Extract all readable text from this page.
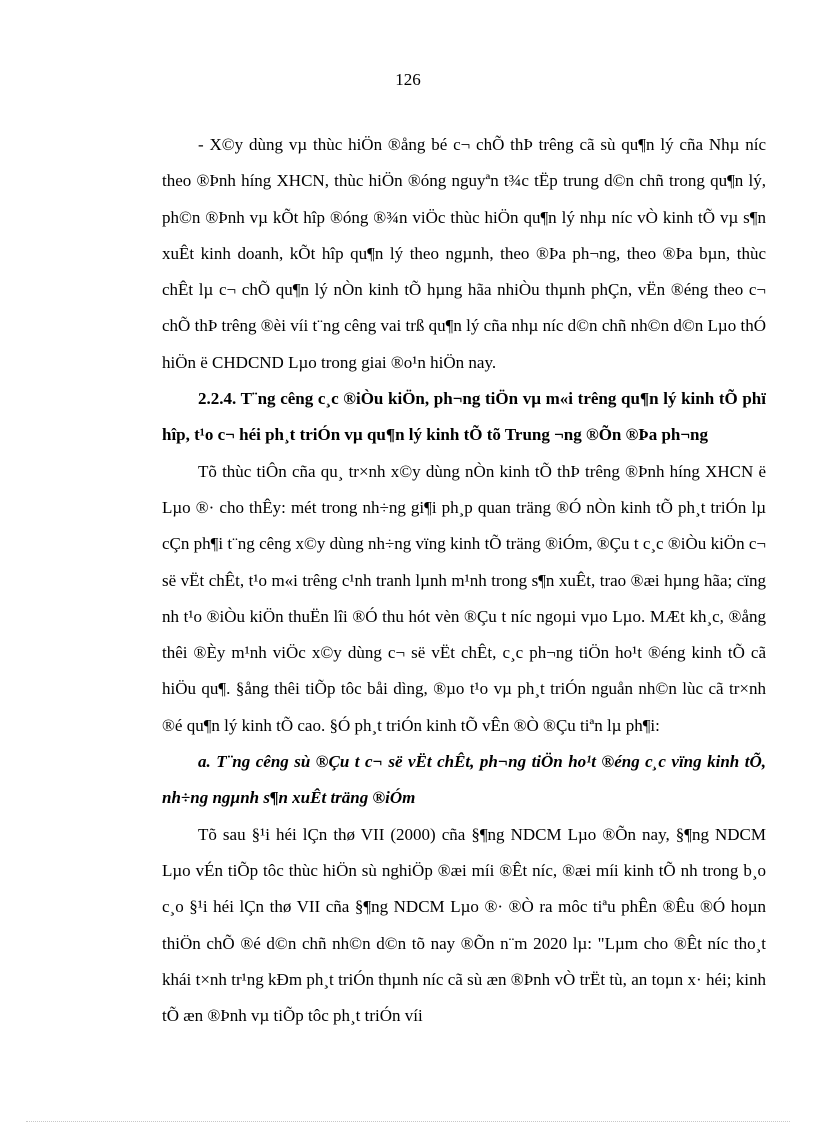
126

- X©y dùng vµ thùc hiÖn ®ång bé c¬ chÕ thÞ trêng cã sù qu¶n lý cña Nhµ níc theo ®Þnh híng XHCN, thùc hiÖn ®óng nguyªn t¾c tËp trung d©n chñ trong qu¶n lý, ph©n ®Þnh vµ kÕt hîp ®óng ®¾n viÖc thùc hiÖn qu¶n lý nhµ níc vÒ kinh tÕ vµ s¶n xuÊt kinh doanh, kÕt hîp qu¶n lý theo ngµnh, theo ®Þa ph¬ng, theo ®Þa bµn, thùc chÊt lµ c¬ chÕ qu¶n lý nÒn kinh tÕ hµng hãa nhiÒu thµnh phÇn, vËn ®éng theo c¬ chÕ thÞ trêng ®èi víi t¨ng cêng vai trß qu¶n lý cña nhµ níc d©n chñ nh©n d©n Lµo thÓ hiÖn ë CHDCND Lµo trong giai ®o¹n hiÖn nay.

2.2.4. T¨ng cêng c¸c ®iÒu kiÖn, ph¬ng tiÖn vµ m«i trêng qu¶n lý kinh tÕ phï hîp, t¹o c¬ héi ph¸t triÓn vµ qu¶n lý kinh tÕ tõ Trung ¬ng ®Õn ®Þa ph¬ng

Tõ thùc tiÔn cña qu¸ tr×nh x©y dùng nÒn kinh tÕ thÞ trêng ®Þnh híng XHCN ë Lµo ®· cho thÊy: mét trong nh÷ng gi¶i ph¸p quan träng ®Ó nÒn kinh tÕ ph¸t triÓn lµ cÇn ph¶i t¨ng cêng x©y dùng nh÷ng vïng kinh tÕ träng ®iÓm, ®Çu t c¸c ®iÒu kiÖn c¬ së vËt chÊt, t¹o m«i trêng c¹nh tranh lµnh m¹nh trong s¶n xuÊt, trao ®æi hµng hãa; cïng nh t¹o ®iÒu kiÖn thuËn lîi ®Ó thu hót vèn ®Çu t níc ngoµi vµo Lµo. MÆt kh¸c, ®ång thêi ®Èy m¹nh viÖc x©y dùng c¬ së vËt chÊt, c¸c ph¬ng tiÖn ho¹t ®éng kinh tÕ cã hiÖu qu¶. §ång thêi tiÕp tôc båi dìng, ®µo t¹o vµ ph¸t triÓn nguån nh©n lùc cã tr×nh ®é qu¶n lý kinh tÕ cao. §Ó ph¸t triÓn kinh tÕ vÊn ®Ò ®Çu tiªn lµ ph¶i:

a. T¨ng cêng sù ®Çu t c¬ së vËt chÊt, ph¬ng tiÖn ho¹t ®éng c¸c vïng kinh tÕ, nh÷ng ngµnh s¶n xuÊt träng ®iÓm

Tõ sau §¹i héi lÇn thø VII (2000) cña §¶ng NDCM Lµo ®Õn nay, §¶ng NDCM Lµo vÉn tiÕp tôc thùc hiÖn sù nghiÖp ®æi míi ®Êt níc, ®æi míi kinh tÕ nh trong b¸o c¸o §¹i héi lÇn thø VII cña §¶ng NDCM Lµo ®· ®Ò ra môc tiªu phÊn ®Êu ®Ó hoµn thiÖn chÕ ®é d©n chñ nh©n d©n tõ nay ®Õn n¨m 2020 lµ: "Lµm cho ®Êt níc tho¸t khái t×nh tr¹ng kÐm ph¸t triÓn thµnh níc cã sù æn ®Þnh vÒ trËt tù, an toµn x· héi; kinh tÕ æn ®Þnh vµ tiÕp tôc ph¸t triÓn víi
